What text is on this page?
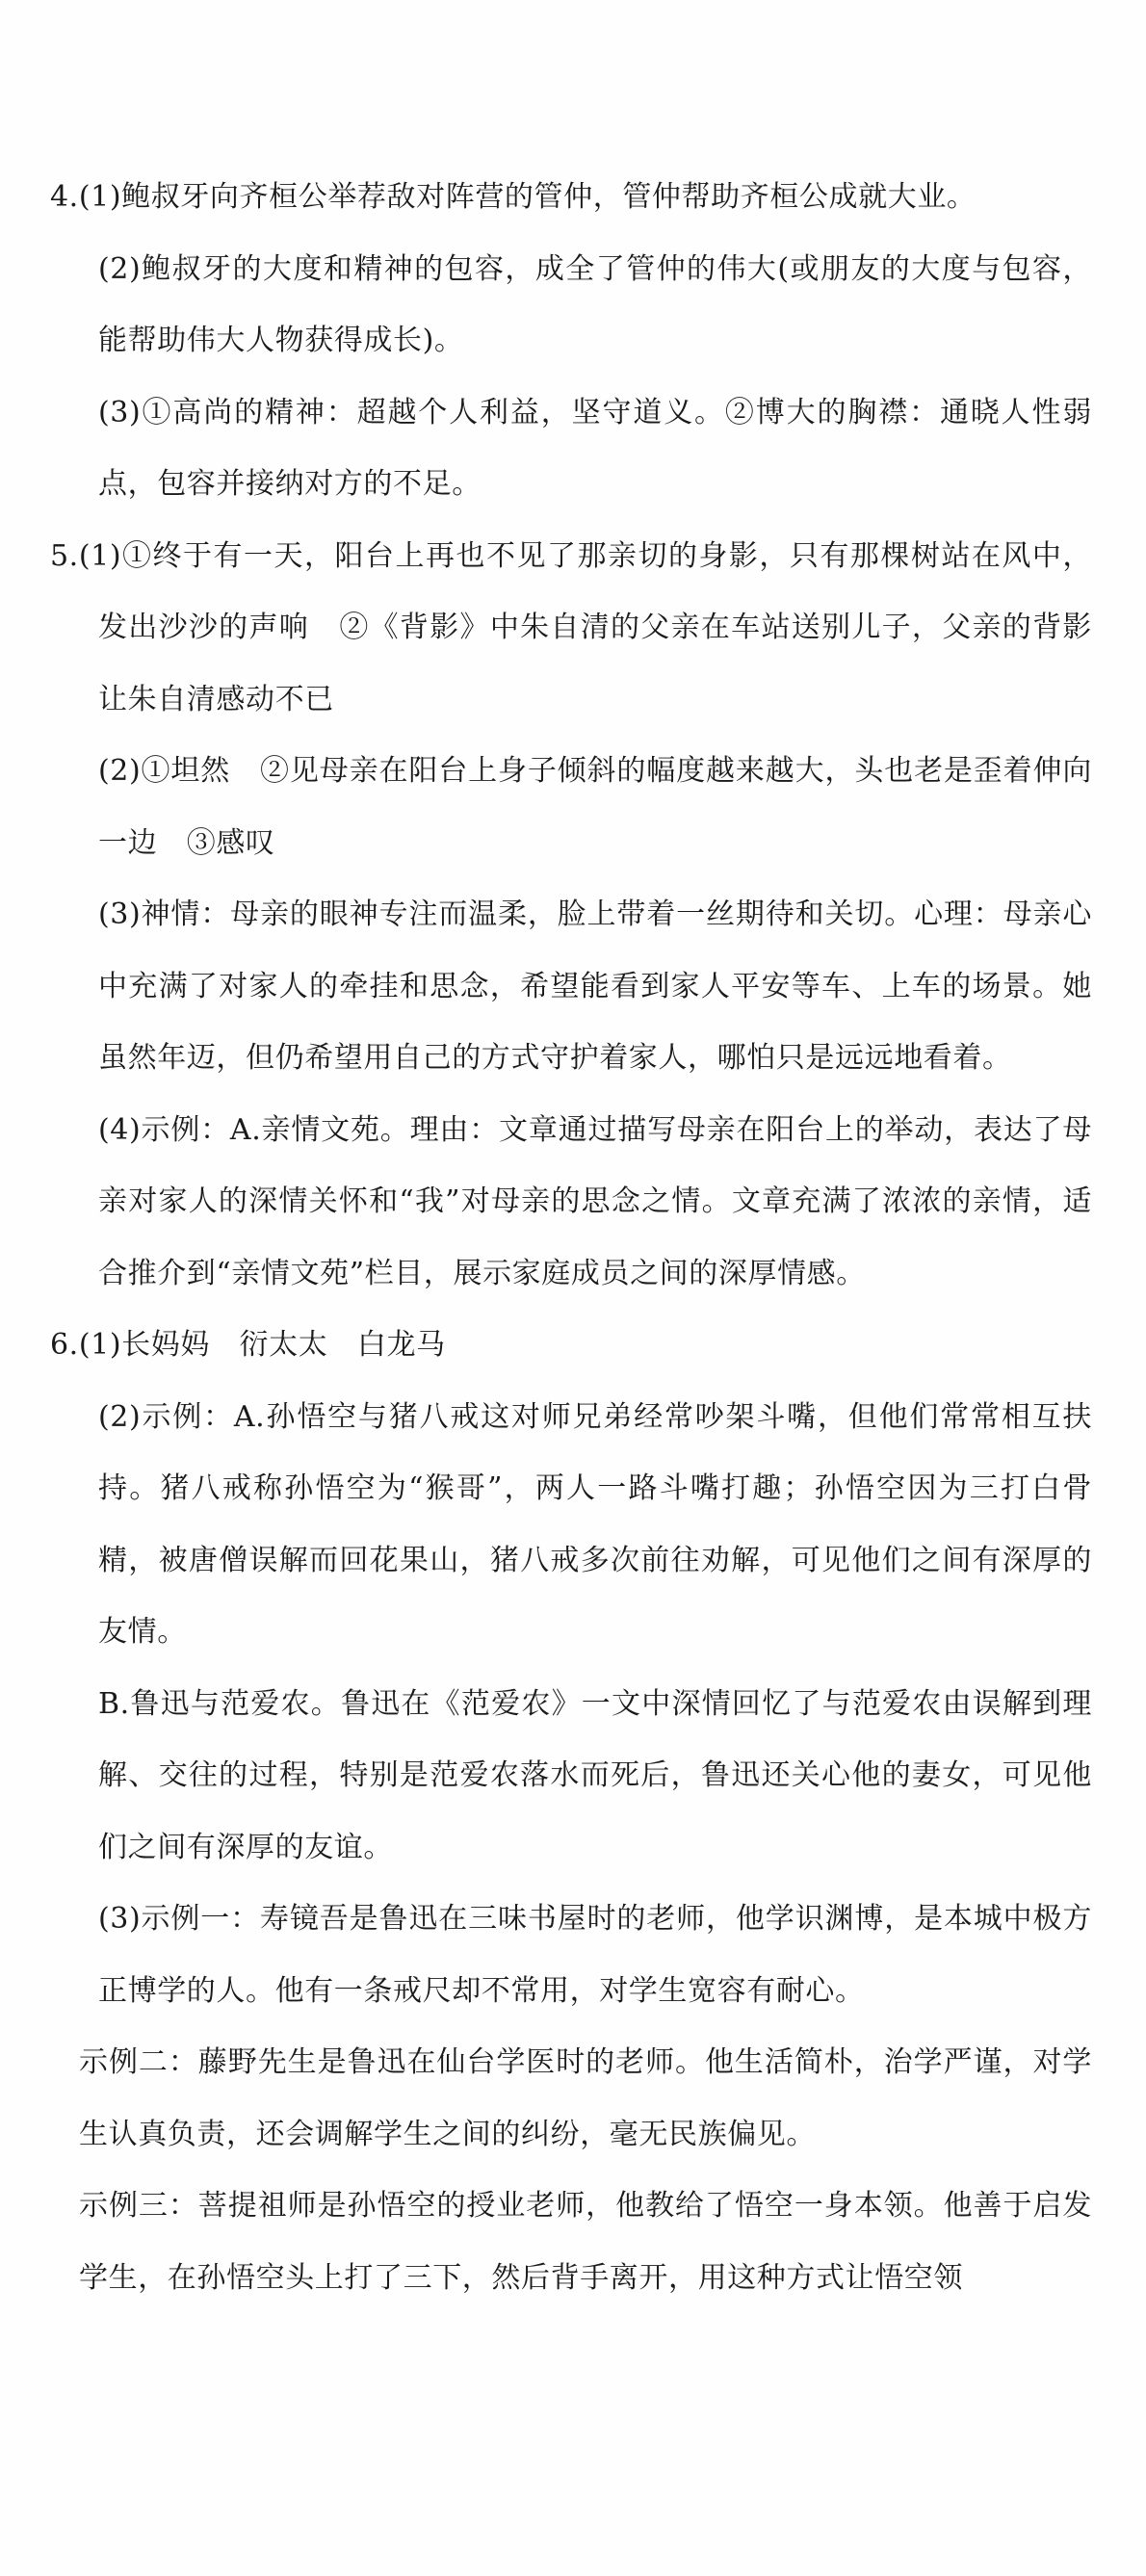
4.(1)鲍叔牙向齐桓公举荐敌对阵营的管仲，管仲帮助齐桓公成就大业。

(2)鲍叔牙的大度和精神的包容，成全了管仲的伟大(或朋友的大度与包容，能帮助伟大人物获得成长)。

(3)①高尚的精神：超越个人利益，坚守道义。②博大的胸襟：通晓人性弱点，包容并接纳对方的不足。

5.(1)①终于有一天，阳台上再也不见了那亲切的身影，只有那棵树站在风中，发出沙沙的声响　②《背影》中朱自清的父亲在车站送别儿子，父亲的背影让朱自清感动不已

(2)①坦然　②见母亲在阳台上身子倾斜的幅度越来越大，头也老是歪着伸向一边　③感叹

(3)神情：母亲的眼神专注而温柔，脸上带着一丝期待和关切。心理：母亲心中充满了对家人的牵挂和思念，希望能看到家人平安等车、上车的场景。她虽然年迈，但仍希望用自己的方式守护着家人，哪怕只是远远地看着。

(4)示例：A.亲情文苑。理由：文章通过描写母亲在阳台上的举动，表达了母亲对家人的深情关怀和“我”对母亲的思念之情。文章充满了浓浓的亲情，适合推介到“亲情文苑”栏目，展示家庭成员之间的深厚情感。

6.(1)长妈妈　衍太太　白龙马

(2)示例：A.孙悟空与猪八戒这对师兄弟经常吵架斗嘴，但他们常常相互扶持。猪八戒称孙悟空为“猴哥”，两人一路斗嘴打趣；孙悟空因为三打白骨精，被唐僧误解而回花果山，猪八戒多次前往劝解，可见他们之间有深厚的友情。

B.鲁迅与范爱农。鲁迅在《范爱农》一文中深情回忆了与范爱农由误解到理解、交往的过程，特别是范爱农落水而死后，鲁迅还关心他的妻女，可见他们之间有深厚的友谊。

(3)示例一：寿镜吾是鲁迅在三味书屋时的老师，他学识渊博，是本城中极方正博学的人。他有一条戒尺却不常用，对学生宽容有耐心。

示例二：藤野先生是鲁迅在仙台学医时的老师。他生活简朴，治学严谨，对学生认真负责，还会调解学生之间的纠纷，毫无民族偏见。

示例三：菩提祖师是孙悟空的授业老师，他教给了悟空一身本领。他善于启发学生，在孙悟空头上打了三下，然后背手离开，用这种方式让悟空领
